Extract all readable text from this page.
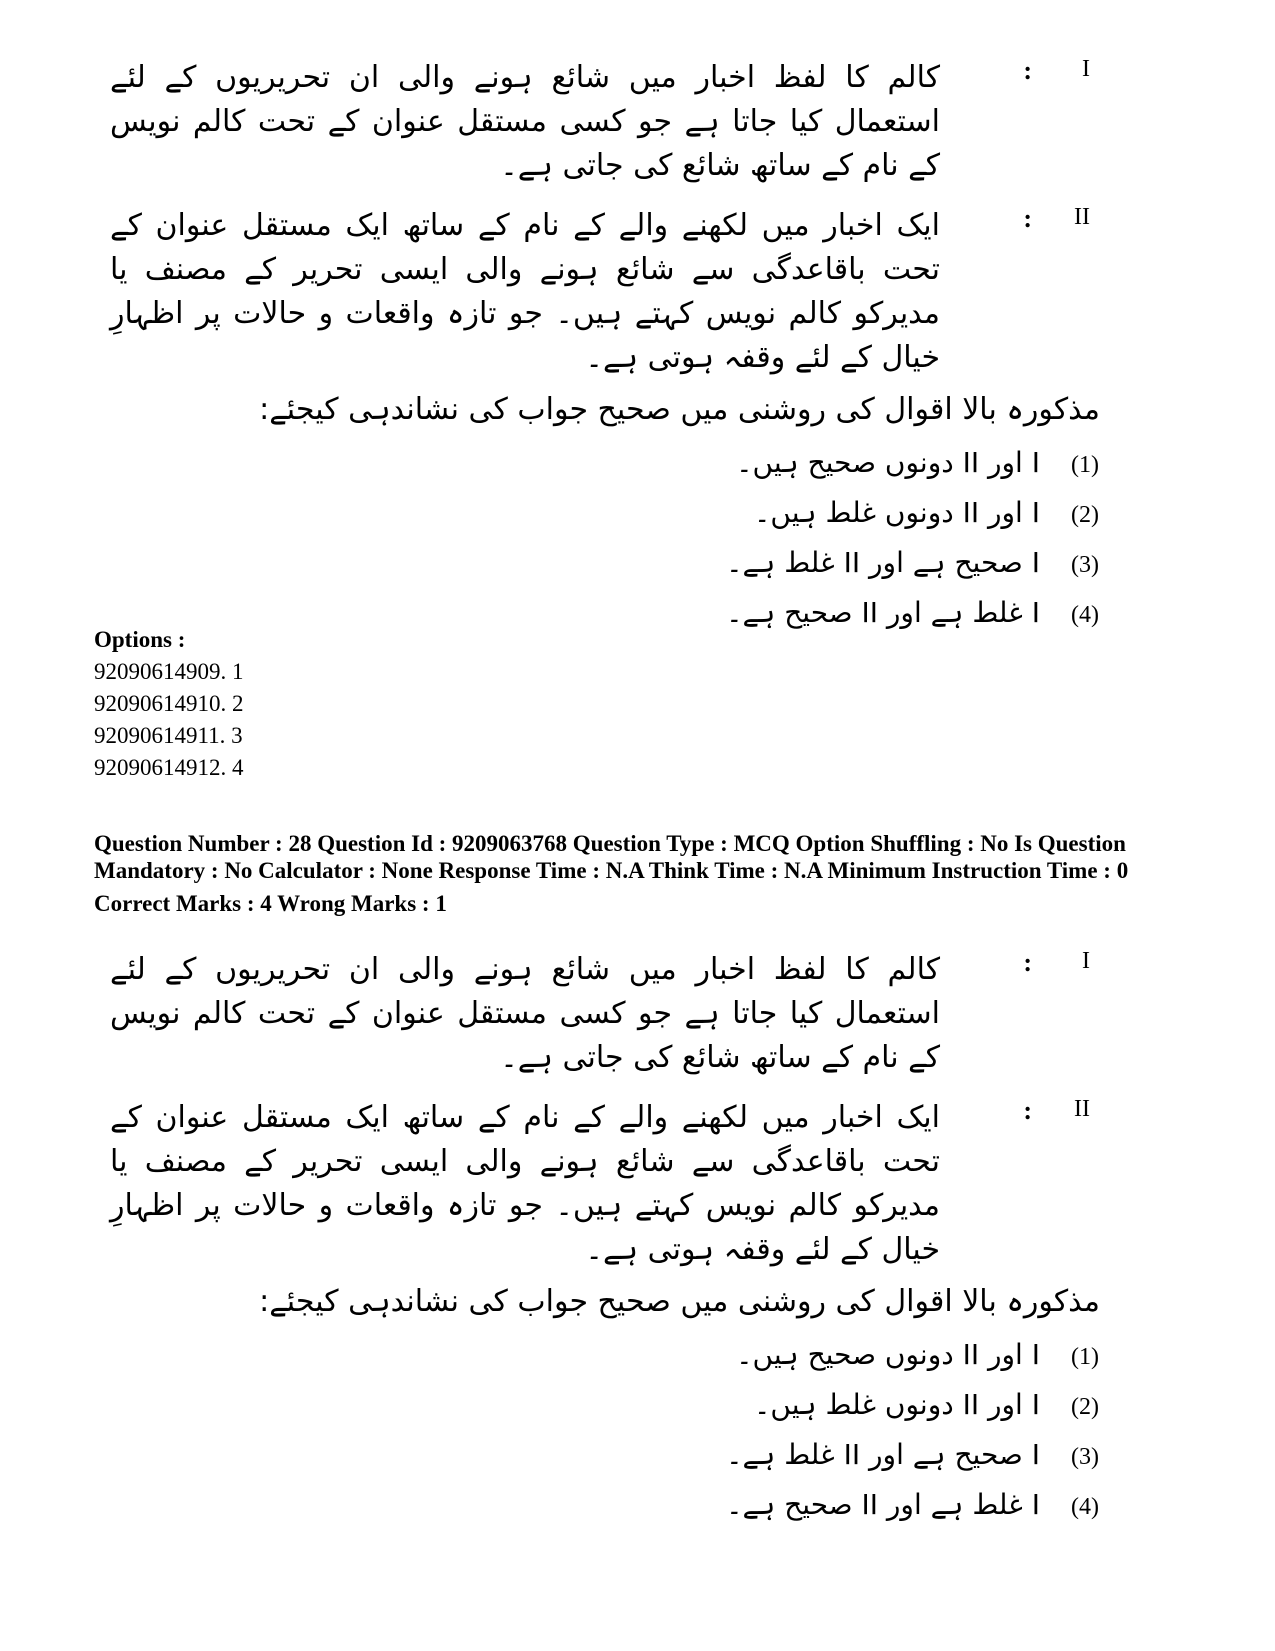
I
:
کالم کا لفظ اخبار میں شائع ہونے والی ان تحریریوں کے لئے استعمال کیا جاتا ہے جو کسی مستقل عنوان کے تحت کالم نویس کے نام کے ساتھ شائع کی جاتی ہے۔
II
:
ایک اخبار میں لکھنے والے کے نام کے ساتھ ایک مستقل عنوان کے تحت باقاعدگی سے شائع ہونے والی ایسی تحریر کے مصنف یا مدیرکو کالم نویس کہتے ہیں۔ جو تازہ واقعات و حالات پر اظہارِ خیال کے لئے وقفہ ہوتی ہے۔
مذکورہ بالا اقوال کی روشنی میں صحیح جواب کی نشاندہی کیجئے:
(1)I اور II دونوں صحیح ہیں۔
(2)I اور II دونوں غلط ہیں۔
(3)I صحیح ہے اور II غلط ہے۔
(4)I غلط ہے اور II صحیح ہے۔
Options :
92090614909. 1
92090614910. 2
92090614911. 3
92090614912. 4
Question Number : 28 Question Id : 9209063768 Question Type : MCQ Option Shuffling : No Is Question Mandatory : No Calculator : None Response Time : N.A Think Time : N.A Minimum Instruction Time : 0
Correct Marks : 4 Wrong Marks : 1
I
:
کالم کا لفظ اخبار میں شائع ہونے والی ان تحریریوں کے لئے استعمال کیا جاتا ہے جو کسی مستقل عنوان کے تحت کالم نویس کے نام کے ساتھ شائع کی جاتی ہے۔
II
:
ایک اخبار میں لکھنے والے کے نام کے ساتھ ایک مستقل عنوان کے تحت باقاعدگی سے شائع ہونے والی ایسی تحریر کے مصنف یا مدیرکو کالم نویس کہتے ہیں۔ جو تازہ واقعات و حالات پر اظہارِ خیال کے لئے وقفہ ہوتی ہے۔
مذکورہ بالا اقوال کی روشنی میں صحیح جواب کی نشاندہی کیجئے:
(1)I اور II دونوں صحیح ہیں۔
(2)I اور II دونوں غلط ہیں۔
(3)I صحیح ہے اور II غلط ہے۔
(4)I غلط ہے اور II صحیح ہے۔
